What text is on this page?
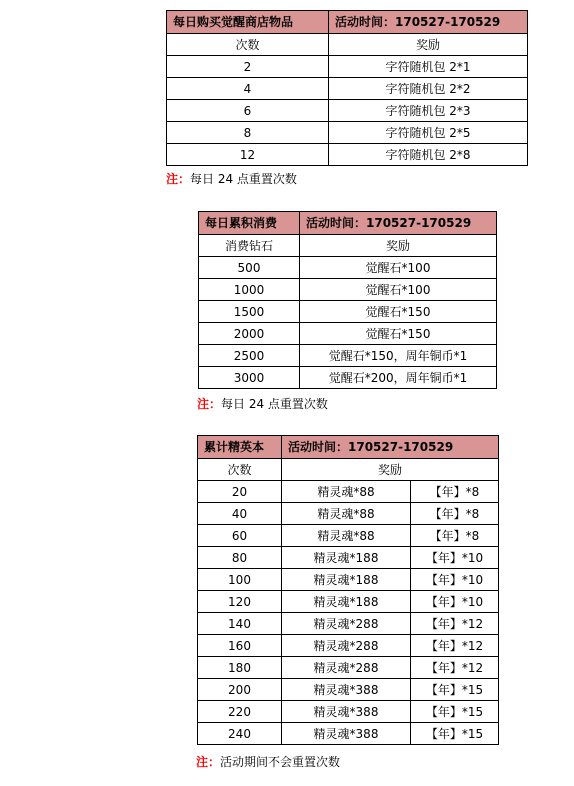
每日购买觉醒商店物品	活动时间：170527-170529
次数	奖励
2	字符随机包 2*1
4	字符随机包 2*2
6	字符随机包 2*3
8	字符随机包 2*5
12	字符随机包 2*8
注：每日 24 点重置次数
每日累积消费	活动时间：170527-170529
消费钻石	奖励
500	觉醒石*100
1000	觉醒石*100
1500	觉醒石*150
2000	觉醒石*150
2500	觉醒石*150，周年铜币*1
3000	觉醒石*200，周年铜币*1
注：每日 24 点重置次数
累计精英本	活动时间：170527-170529	
次数	奖励	
20	精灵魂*88	【年】*8
40	精灵魂*88	【年】*8
60	精灵魂*88	【年】*8
80	精灵魂*188	【年】*10
100	精灵魂*188	【年】*10
120	精灵魂*188	【年】*10
140	精灵魂*288	【年】*12
160	精灵魂*288	【年】*12
180	精灵魂*288	【年】*12
200	精灵魂*388	【年】*15
220	精灵魂*388	【年】*15
240	精灵魂*388	【年】*15
注：活动期间不会重置次数
